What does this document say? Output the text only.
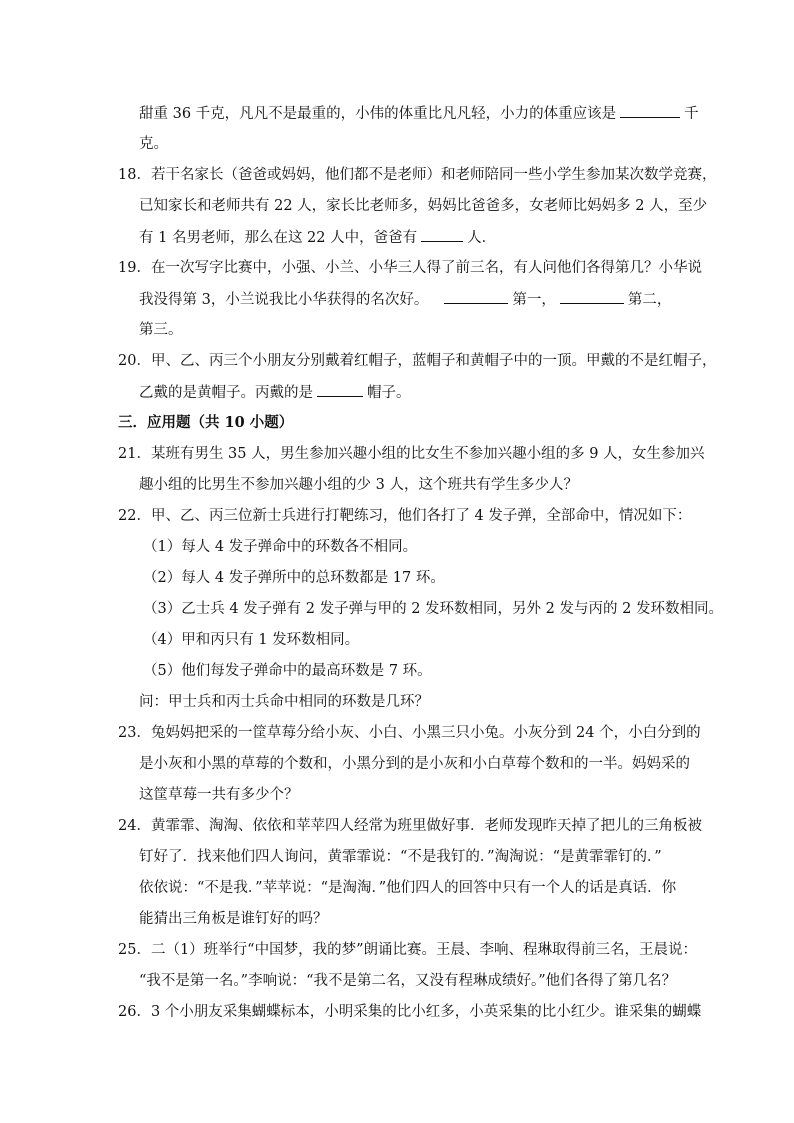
甜重 36 千克，凡凡不是最重的，小伟的体重比凡凡轻，小力的体重应该是	千
克。
18．若干名家长（爸爸或妈妈，他们都不是老师）和老师陪同一些小学生参加某次数学竞赛，
已知家长和老师共有 22 人，家长比老师多，妈妈比爸爸多，女老师比妈妈多 2 人，至少
有 1 名男老师，那么在这 22 人中，爸爸有	人．
19．在一次写字比赛中，小强、小兰、小华三人得了前三名，有人问他们各得第几？小华说
我没得第 3，小兰说我比小华获得的名次好。	第一，	第二，
第三。
20．甲、乙、丙三个小朋友分别戴着红帽子，蓝帽子和黄帽子中的一顶。甲戴的不是红帽子，
乙戴的是黄帽子。丙戴的是	帽子。
三．应用题（共 10 小题）
21．某班有男生 35 人，男生参加兴趣小组的比女生不参加兴趣小组的多 9 人，女生参加兴
趣小组的比男生不参加兴趣小组的少 3 人，这个班共有学生多少人？
22．甲、乙、丙三位新士兵进行打靶练习，他们各打了 4 发子弹，全部命中，情况如下：
（1）每人 4 发子弹命中的环数各不相同。
（2）每人 4 发子弹所中的总环数都是 17 环。
（3）乙士兵 4 发子弹有 2 发子弹与甲的 2 发环数相同，另外 2 发与丙的 2 发环数相同。
（4）甲和丙只有 1 发环数相同。
（5）他们每发子弹命中的最高环数是 7 环。
问：甲士兵和丙士兵命中相同的环数是几环？
23．兔妈妈把采的一筐草莓分给小灰、小白、小黑三只小兔。小灰分到 24 个，小白分到的
是小灰和小黑的草莓的个数和，小黑分到的是小灰和小白草莓个数和的一半。妈妈采的
这筐草莓一共有多少个？
24．黄霏霏、淘淘、依依和苹苹四人经常为班里做好事．老师发现昨天掉了把儿的三角板被
钉好了．找来他们四人询问，黄霏霏说：“不是我钉的．”淘淘说：“是黄霏霏钉的．”
依依说：“不是我．”苹苹说：“是淘淘．”他们四人的回答中只有一个人的话是真话．你
能猜出三角板是谁钉好的吗？
25．二（1）班举行“中国梦，我的梦”朗诵比赛。王晨、李响、程琳取得前三名，王晨说：
“我不是第一名。”李响说：“我不是第二名，又没有程琳成绩好。”他们各得了第几名？
26．3 个小朋友采集蝴蝶标本，小明采集的比小红多，小英采集的比小红少。谁采集的蝴蝶
